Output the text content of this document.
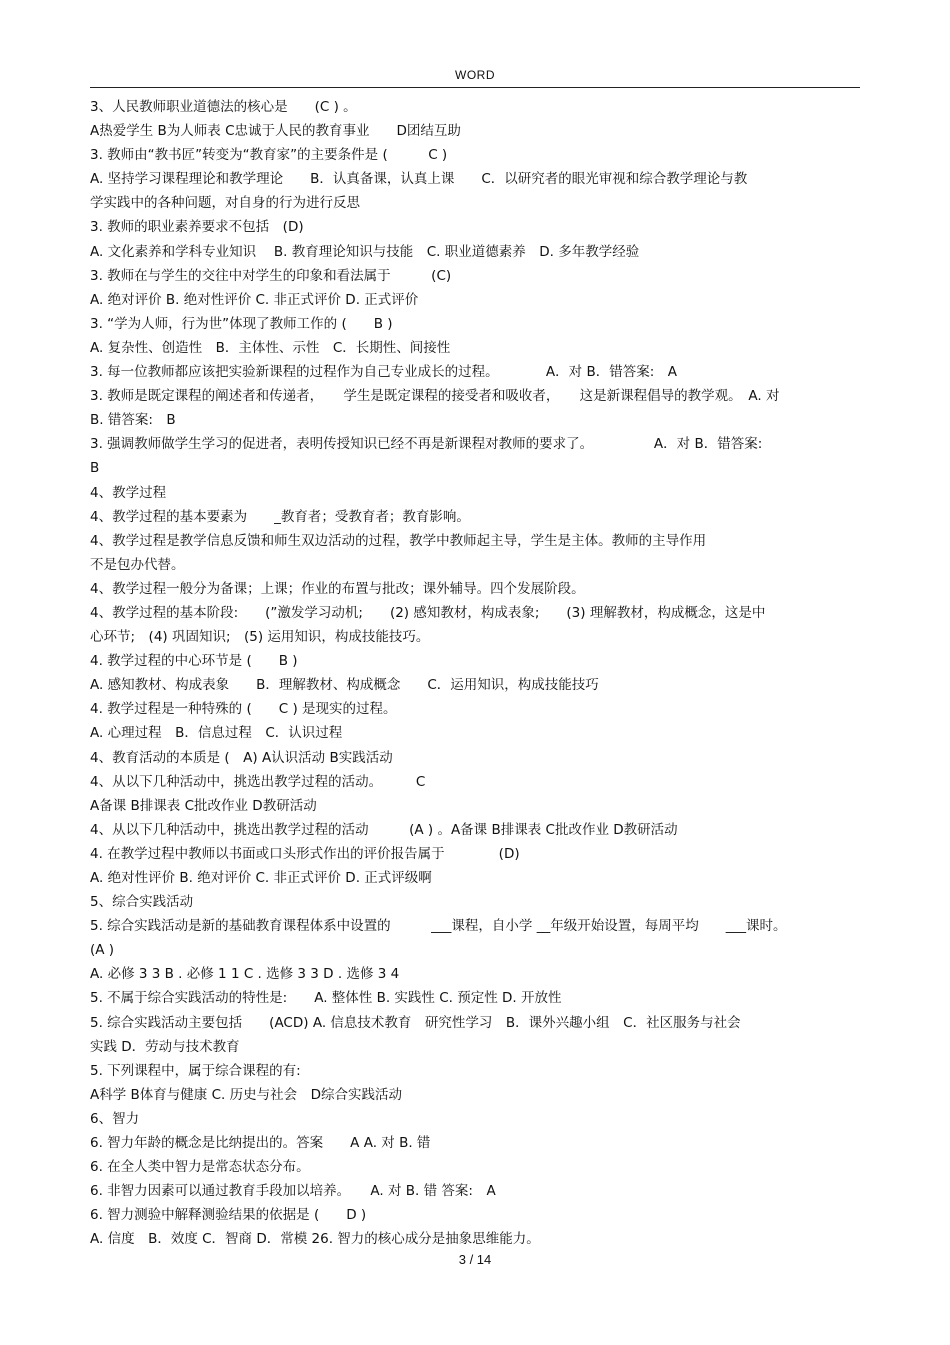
WORD
3、人民教师职业道德法的核心是　　(C ) 。
A热爱学生 B为人师表 C忠诚于人民的教育事业　　D团结互助
3. 教师由“教书匠”转变为“教育家”的主要条件是 (　　　C )
A. 坚持学习课程理论和教学理论　　B．认真备课，认真上课　　C．以研究者的眼光审视和综合教学理论与教
学实践中的各种问题，对自身的行为进行反思
3. 教师的职业素养要求不包括　(D)
A. 文化素养和学科专业知识　 B. 教育理论知识与技能　C. 职业道德素养　D. 多年教学经验
3. 教师在与学生的交往中对学生的印象和看法属于　　　(C)
A. 绝对评价 B. 绝对性评价 C. 非正式评价 D. 正式评价
3. “学为人师，行为世”体现了教师工作的 (　　B )
A. 复杂性、创造性　B．主体性、示性　C．长期性、间接性
3. 每一位教师都应该把实验新课程的过程作为自己专业成长的过程。　　　　A．对 B．错答案:　A
3. 教师是既定课程的阐述者和传递者，　　学生是既定课程的接受者和吸收者，　　这是新课程倡导的教学观。　A. 对
B. 错答案:　B
3. 强调教师做学生学习的促进者，表明传授知识已经不再是新课程对教师的要求了。　　　　　A．对 B．错答案:
B
4、教学过程
4、教学过程的基本要素为　　_教育者；受教育者；教育影响。
4、教学过程是教学信息反馈和师生双边活动的过程，教学中教师起主导，学生是主体。教师的主导作用
不是包办代替。
4、教学过程一般分为备课；上课；作业的布置与批改；课外辅导。四个发展阶段。
4、教学过程的基本阶段:　　(”激发学习动机;　　(2) 感知教材，构成表象;　　(3) 理解教材，构成概念，这是中
心环节;　(4) 巩固知识;　(5) 运用知识，构成技能技巧。
4. 教学过程的中心环节是 (　　B )
A. 感知教材、构成表象　　B．理解教材、构成概念　　C．运用知识，构成技能技巧
4. 教学过程是一种特殊的 (　　C ) 是现实的过程。
A. 心理过程　B．信息过程　C．认识过程
4、教育活动的本质是 (　A) A认识活动 B实践活动
4、从以下几种活动中，挑选出教学过程的活动。　　　C
A备课 B排课表 C批改作业 D教研活动
4、从以下几种活动中，挑选出教学过程的活动　　　(A ) 。A备课 B排课表 C批改作业 D教研活动
4. 在教学过程中教师以书面或口头形式作出的评价报告属于　　　　(D)
A. 绝对性评价 B. 绝对评价 C. 非正式评价 D. 正式评级啊
5、综合实践活动
5. 综合实践活动是新的基础教育课程体系中设置的　　　___课程，自小学 __年级开始设置，每周平均　　___课时。
(A )
A. 必修 3 3 B . 必修 1 1 C . 选修 3 3 D . 选修 3 4
5. 不属于综合实践活动的特性是:　　A. 整体性 B. 实践性 C. 预定性 D. 开放性
5. 综合实践活动主要包括　　(ACD) A. 信息技术教育　研究性学习　B．课外兴趣小组　C．社区服务与社会
实践 D．劳动与技术教育
5. 下列课程中，属于综合课程的有:
A科学 B体育与健康 C. 历史与社会　D综合实践活动
6、智力
6. 智力年龄的概念是比纳提出的。答案　　A A. 对 B. 错
6. 在全人类中智力是常态状态分布。
6. 非智力因素可以通过教育手段加以培养。　　A. 对 B. 错 答案:　A
6. 智力测验中解释测验结果的依据是 (　　D )
A. 信度　B．效度 C．智商 D．常模 26. 智力的核心成分是抽象思维能力。
3 / 14
